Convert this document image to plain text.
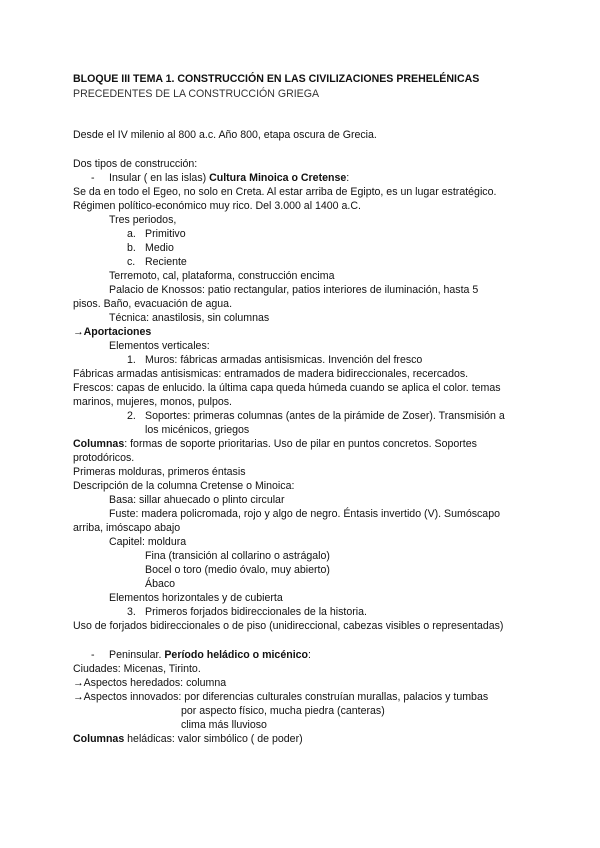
BLOQUE III TEMA 1. CONSTRUCCIÓN EN LAS CIVILIZACIONES PREHELÉNICAS
PRECEDENTES DE LA CONSTRUCCIÓN GRIEGA
Desde el IV milenio al 800 a.c. Año 800, etapa oscura de Grecia.
Dos tipos de construcción:
- Insular ( en las islas) Cultura Minoica o Cretense:
Se da en todo el Egeo, no solo en Creta. Al estar arriba de Egipto, es un lugar estratégico.
Régimen político-económico muy rico. Del 3.000 al 1400 a.C.
Tres periodos,
a. Primitivo
b. Medio
c. Reciente
Terremoto, cal, plataforma, construcción encima
Palacio de Knossos: patio rectangular, patios interiores de iluminación, hasta 5
pisos. Baño, evacuación de agua.
Técnica: anastilosis, sin columnas
→Aportaciones
Elementos verticales:
1. Muros: fábricas armadas antisismicas. Invención del fresco
Fábricas armadas antisismicas: entramados de madera bidireccionales, recercados.
Frescos: capas de enlucido. la última capa queda húmeda cuando se aplica el color. temas
marinos, mujeres, monos, pulpos.
2. Soportes: primeras columnas (antes de la pirámide de Zoser). Transmisión a
los micénicos, griegos
Columnas: formas de soporte prioritarias. Uso de pilar en puntos concretos. Soportes
protodóricos.
Primeras molduras, primeros éntasis
Descripción de la columna Cretense o Minoica:
Basa: sillar ahuecado o plinto circular
Fuste: madera policromada, rojo y algo de negro. Éntasis invertido (V). Sumóscapo
arriba, imóscapo abajo
Capitel: moldura
Fina (transición al collarino o astrágalo)
Bocel o toro (medio óvalo, muy abierto)
Ábaco
Elementos horizontales y de cubierta
3. Primeros forjados bidireccionales de la historia.
Uso de forjados bidireccionales o de piso (unidireccional, cabezas visibles o representadas)
- Peninsular. Período heládico o micénico:
Ciudades: Micenas, Tirinto.
→Aspectos heredados: columna
→Aspectos innovados: por diferencias culturales construían murallas, palacios y tumbas
por aspecto físico, mucha piedra (canteras)
clima más lluvioso
Columnas heládicas: valor simbólico ( de poder)
